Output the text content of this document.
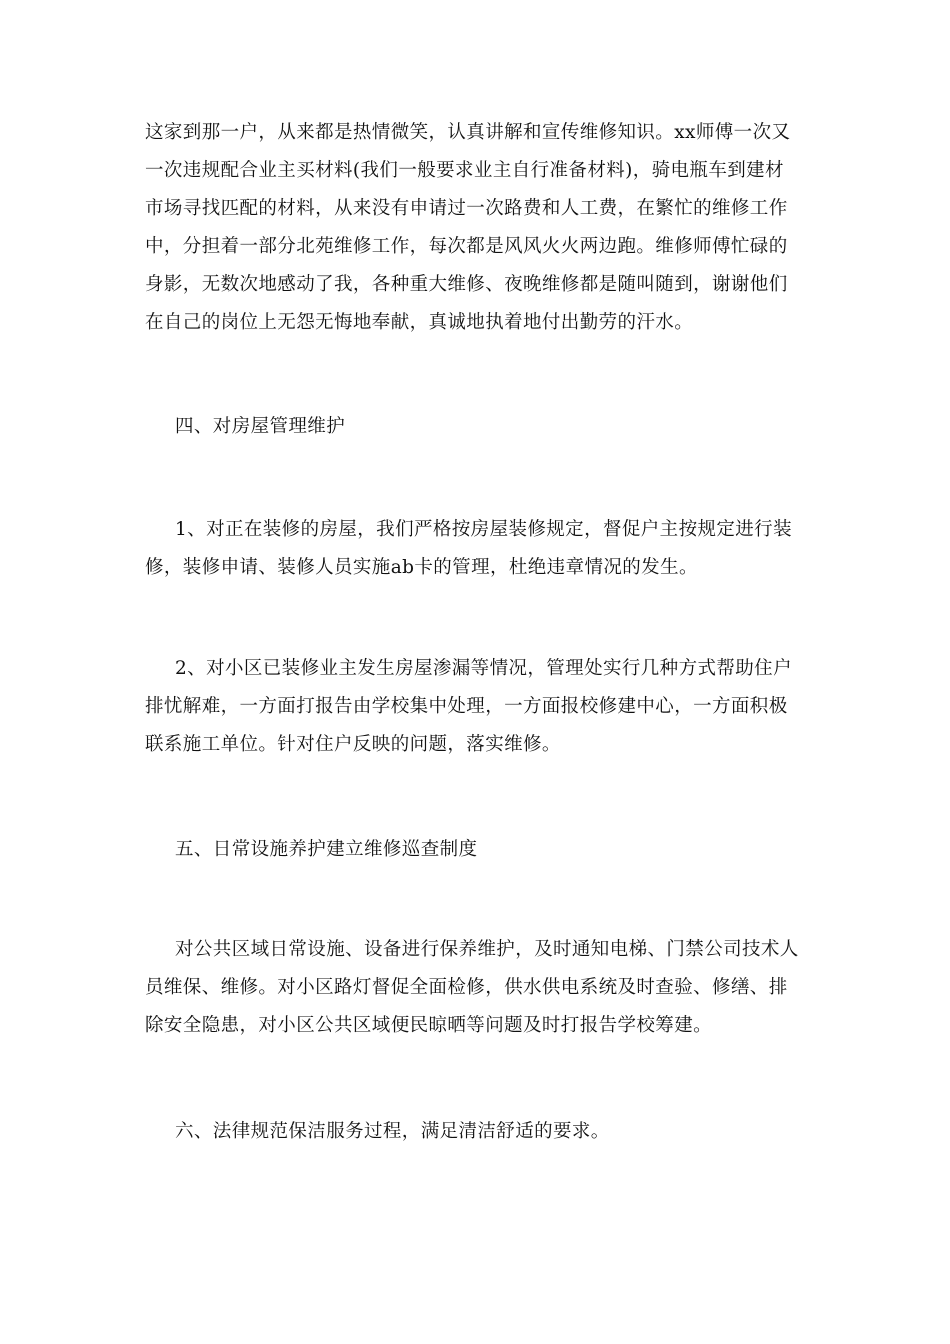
这家到那一户，从来都是热情微笑，认真讲解和宣传维修知识。xx师傅一次又
一次违规配合业主买材料(我们一般要求业主自行准备材料)，骑电瓶车到建材
市场寻找匹配的材料，从来没有申请过一次路费和人工费，在繁忙的维修工作
中，分担着一部分北苑维修工作，每次都是风风火火两边跑。维修师傅忙碌的
身影，无数次地感动了我，各种重大维修、夜晚维修都是随叫随到，谢谢他们
在自己的岗位上无怨无悔地奉献，真诚地执着地付出勤劳的汗水。
四、对房屋管理维护
1、对正在装修的房屋，我们严格按房屋装修规定，督促户主按规定进行装
修，装修申请、装修人员实施ab卡的管理，杜绝违章情况的发生。
2、对小区已装修业主发生房屋渗漏等情况，管理处实行几种方式帮助住户
排忧解难，一方面打报告由学校集中处理，一方面报校修建中心，一方面积极
联系施工单位。针对住户反映的问题，落实维修。
五、日常设施养护建立维修巡查制度
对公共区域日常设施、设备进行保养维护，及时通知电梯、门禁公司技术人
员维保、维修。对小区路灯督促全面检修，供水供电系统及时查验、修缮、排
除安全隐患，对小区公共区域便民晾晒等问题及时打报告学校筹建。
六、法律规范保洁服务过程，满足清洁舒适的要求。
